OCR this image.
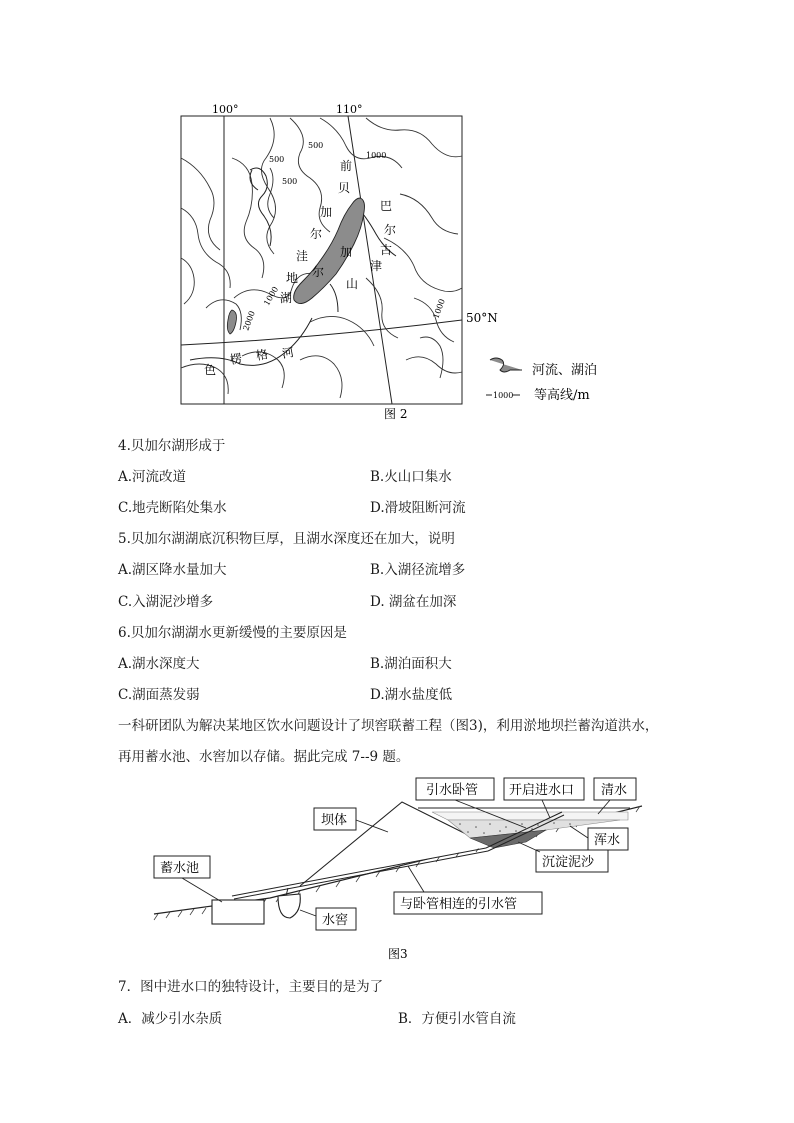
100°	110°
50°N
500
500
500
1000
1000
2000
1000
前
贝
加
尔
洼
地
湖
巴
尔
古
津
山
尔
加
色
楞 格 河
河流、湖泊
1000 等高线/m
图 2
4.贝加尔湖形成于
A.河流改道	B.火山口集水
C.地壳断陷处集水	D.滑坡阻断河流
5.贝加尔湖湖底沉积物巨厚，且湖水深度还在加大，说明
A.湖区降水量加大	B.入湖径流增多
C.入湖泥沙增多	D. 湖盆在加深
6.贝加尔湖湖水更新缓慢的主要原因是
A.湖水深度大	B.湖泊面积大
C.湖面蒸发弱	D.湖水盐度低
一科研团队为解决某地区饮水问题设计了坝窖联蓄工程（图3)，利用淤地坝拦蓄沟道洪水，
再用蓄水池、水窖加以存储。据此完成 7--9 题。
引水卧管 开启进水口 清水
坝体
浑水
沉淀泥沙
蓄水池
与卧管相连的引水管
水窖
图3
7．图中进水口的独特设计，主要目的是为了
A．减少引水杂质	B．方便引水管自流
